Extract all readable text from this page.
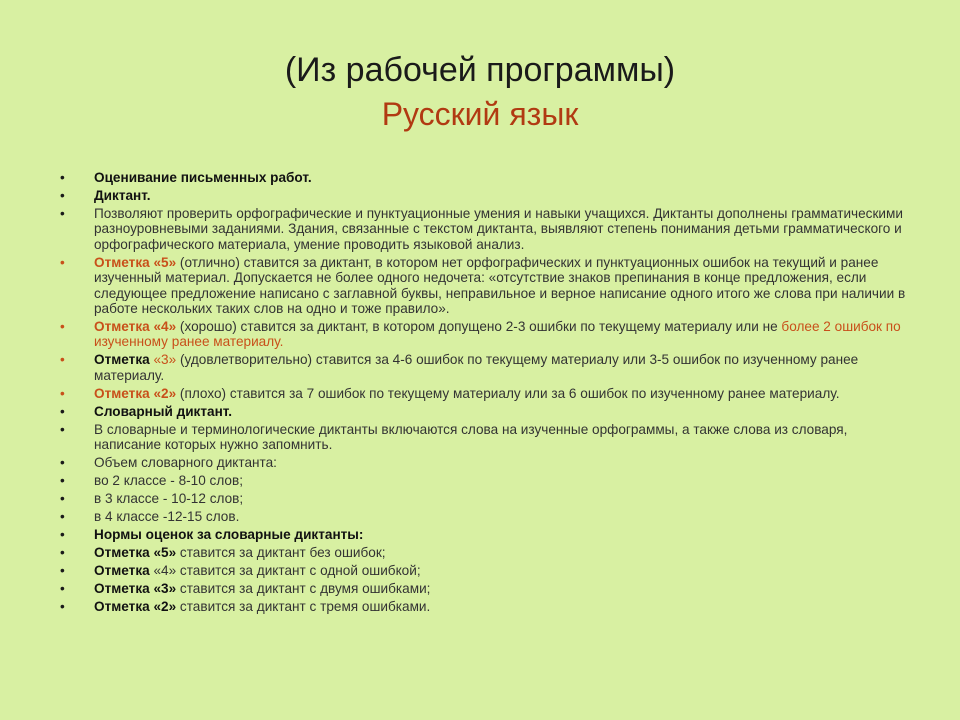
(Из рабочей программы)
Русский язык
• Оценивание письменных работ.
• Диктант.
• Позволяют проверить орфографические и пунктуационные умения и навыки учащихся. Диктанты дополнены грамматическими разноуровневыми заданиями. Здания, связанные с текстом диктанта, выявляют степень понимания детьми грамматического и орфографического материала, умение проводить языковой анализ.
• Отметка «5» (отлично) ставится за диктант, в котором нет орфографических и пунктуационных ошибок на текущий и ранее изученный материал. Допускается не более одного недочета: «отсутствие знаков препинания в конце предложения, если следующее предложение написано с заглавной буквы, неправильное и верное написание одного итого же слова при наличии в работе нескольких таких слов на одно и тоже правило».
• Отметка «4» (хорошо) ставится за диктант, в котором допущено 2-3 ошибки по текущему материалу или не более 2 ошибок по изученному ранее материалу.
• Отметка «3» (удовлетворительно) ставится за 4-6 ошибок по текущему материалу или 3-5 ошибок по изученному ранее материалу.
• Отметка «2» (плохо) ставится за 7 ошибок по текущему материалу или за 6 ошибок по изученному ранее материалу.
• Словарный диктант.
• В словарные и терминологические диктанты включаются слова на изученные орфограммы, а также слова из словаря, написание которых нужно запомнить.
• Объем словарного диктанта:
• во 2 классе - 8-10 слов;
• в 3 классе - 10-12 слов;
• в 4 классе -12-15 слов.
• Нормы оценок за словарные диктанты:
• Отметка «5» ставится за диктант без ошибок;
• Отметка «4» ставится за диктант с одной ошибкой;
• Отметка «3» ставится за диктант с двумя ошибками;
• Отметка «2» ставится за диктант с тремя ошибками.
